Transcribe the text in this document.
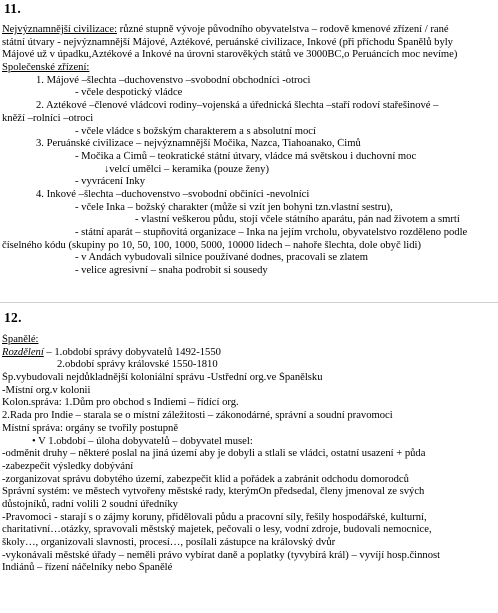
11.
Nejvýznamnější civilizace: různé stupně vývoje původního obyvatelstva – rodově kmenové zřízení / rané
státní útvary - nejvýznamnější Májové, Aztékové, peruánské civilizace, Inkové (při příchodu Španělů byly
Májové už v úpadku,Aztékové a Inkové na úrovni starověkých států ve 3000BC,o Peruáncích moc nevíme)
Společenské zřízení:
1. Májové –šlechta –duchovenstvo –svobodní obchodníci -otroci
- včele despotický vládce
2. Aztékové –členové vládcovi rodiny–vojenská a úřednická šlechta –staří rodoví stařešinové –
kněží –rolníci –otroci
- včele vládce s božským charakterem a s absolutní mocí
3. Peruánské civilizace – nejvýznamnější Močika, Nazca, Tiahoanako, Čimů
- Močika a Čimů – teokratické státní útvary, vládce má světskou i duchovní moc
↓velcí umělci – keramika (pouze ženy)
- vyvrácení Inky
4. Inkové –šlechta –duchovenstvo –svobodní občiníci -nevolníci
- včele Inka – božský charakter (může si vzít jen bohyni tzn.vlastní sestru),
- vlastní veškerou půdu, stojí včele státního aparátu, pán nad životem a smrtí
- státní aparát – stupňovitá organizace – Inka na jejím vrcholu, obyvatelstvo rozděleno podle
číselného kódu (skupiny po 10, 50, 100, 1000, 5000, 10000 lidech – nahoře šlechta, dole obyč lidi)
- v Andách vybudovali silnice používané dodnes, pracovali se zlatem
- velice agresivní – snaha podrobit si sousedy
12.
Španělé:
Rozdělení – 1.období správy dobyvatelů 1492-1550
2.období správy královské 1550-1810
Šp.vybudovali nejdůkladnější koloniální správu -Ústřední org.ve Španělsku
-Místní org.v kolonii
Kolon.správa: 1.Dům pro obchod s Indiemi – řídící org.
2.Rada pro Indie – starala se o místní záležitosti – zákonodárné, správní a soudní pravomoci
Místní správa: orgány se tvořily postupně
• V 1.období – úloha dobyvatelů – dobyvatel musel:
-odměnit druhy – některé poslal na jiná území aby je dobyli a stlali se vládci, ostatní usazení + půda
-zabezpečit výsledky dobývání
-zorganizovat správu dobytého území, zabezpečit klid a pořádek a zabránit odchodu domorodců
Správní systém: ve městech vytvořeny městské rady, kterýmOn předsedal, členy jmenoval ze svých
důstojníků, radní volili 2 soudní úředníky
-Pravomoci - starají s o zájmy koruny, přidělovali půdu a pracovní síly, řešily hospodářské, kulturní,
charitativní…otázky, spravovali městský majetek, pečovali o lesy, vodní zdroje, budovali nemocnice,
školy…, organizovali slavnosti, procesí…, posílali zástupce na královský dvůr
-vykonávali městské úřady – neměli právo vybírat daně a poplatky (tyvybírá král) – vyvíjí hosp.činnost
Indiánů – řízení náčelníky nebo Španělé
